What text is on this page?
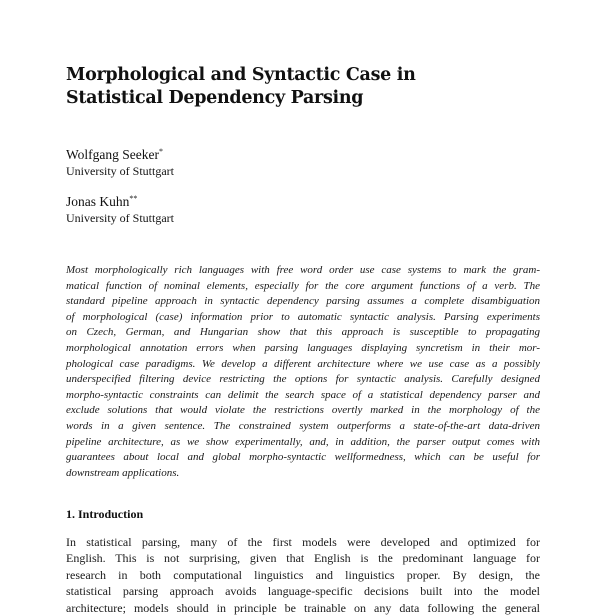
Morphological and Syntactic Case in
Statistical Dependency Parsing
Wolfgang Seeker*
University of Stuttgart
Jonas Kuhn**
University of Stuttgart
Most morphologically rich languages with free word order use case systems to mark the gram-
matical function of nominal elements, especially for the core argument functions of a verb. The
standard pipeline approach in syntactic dependency parsing assumes a complete disambiguation
of morphological (case) information prior to automatic syntactic analysis. Parsing experiments
on Czech, German, and Hungarian show that this approach is susceptible to propagating
morphological annotation errors when parsing languages displaying syncretism in their mor-
phological case paradigms. We develop a different architecture where we use case as a possibly
underspecified filtering device restricting the options for syntactic analysis. Carefully designed
morpho-syntactic constraints can delimit the search space of a statistical dependency parser and
exclude solutions that would violate the restrictions overtly marked in the morphology of the
words in a given sentence. The constrained system outperforms a state-of-the-art data-driven
pipeline architecture, as we show experimentally, and, in addition, the parser output comes with
guarantees about local and global morpho-syntactic wellformedness, which can be useful for
downstream applications.
1. Introduction
In statistical parsing, many of the first models were developed and optimized for
English. This is not surprising, given that English is the predominant language for
research in both computational linguistics and linguistics proper. By design, the
statistical parsing approach avoids language-specific decisions built into the model
architecture; models should in principle be trainable on any data following the general
